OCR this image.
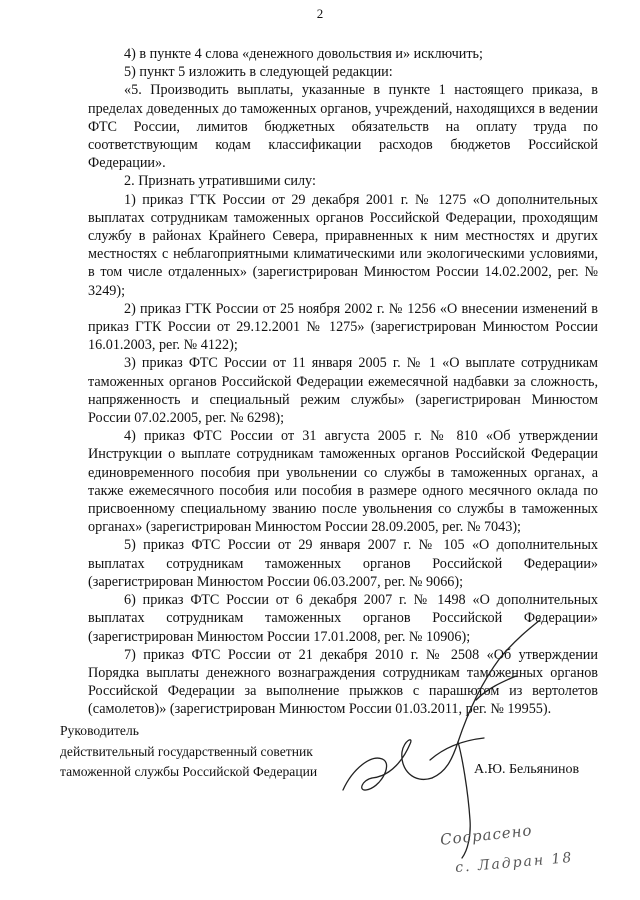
2

4) в пункте 4 слова «денежного довольствия и» исключить;

5) пункт 5 изложить в следующей редакции:

«5. Производить выплаты, указанные в пункте 1 настоящего приказа, в пределах доведенных до таможенных органов, учреждений, находящихся в ведении ФТС России, лимитов бюджетных обязательств на оплату труда по соответствующим кодам классификации расходов бюджетов Российской Федерации».

2. Признать утратившими силу:

1) приказ ГТК России от 29 декабря 2001 г. № 1275 «О дополнительных выплатах сотрудникам таможенных органов Российской Федерации, проходящим службу в районах Крайнего Севера, приравненных к ним местностях и других местностях с неблагоприятными климатическими или экологическими условиями, в том числе отдаленных» (зарегистрирован Минюстом России 14.02.2002, рег. № 3249);

2) приказ ГТК России от 25 ноября 2002 г. № 1256 «О внесении изменений в приказ ГТК России от 29.12.2001 № 1275» (зарегистрирован Минюстом России 16.01.2003, рег. № 4122);

3) приказ ФТС России от 11 января 2005 г. № 1 «О выплате сотрудникам таможенных органов Российской Федерации ежемесячной надбавки за сложность, напряженность и специальный режим службы» (зарегистрирован Минюстом России 07.02.2005, рег. № 6298);

4) приказ ФТС России от 31 августа 2005 г. № 810 «Об утверждении Инструкции о выплате сотрудникам таможенных органов Российской Федерации единовременного пособия при увольнении со службы в таможенных органах, а также ежемесячного пособия или пособия в размере одного месячного оклада по присвоенному специальному званию после увольнения со службы в таможенных органах» (зарегистрирован Минюстом России 28.09.2005, рег. № 7043);

5) приказ ФТС России от 29 января 2007 г. № 105 «О дополнительных выплатах сотрудникам таможенных органов Российской Федерации» (зарегистрирован Минюстом России 06.03.2007, рег. № 9066);

6) приказ ФТС России от 6 декабря 2007 г. № 1498 «О дополнительных выплатах сотрудникам таможенных органов Российской Федерации» (зарегистрирован Минюстом России 17.01.2008, рег. № 10906);

7) приказ ФТС России от 21 декабря 2010 г. № 2508 «Об утверждении Порядка выплаты денежного вознаграждения сотрудникам таможенных органов Российской Федерации за выполнение прыжков с парашютом из вертолетов (самолетов)» (зарегистрирован Минюстом России 01.03.2011, рег. № 19955).

Руководитель
действительный государственный советник
таможенной службы Российской Федерации	А.Ю. Бельянинов
Сосрасено
с. Ладран 18
